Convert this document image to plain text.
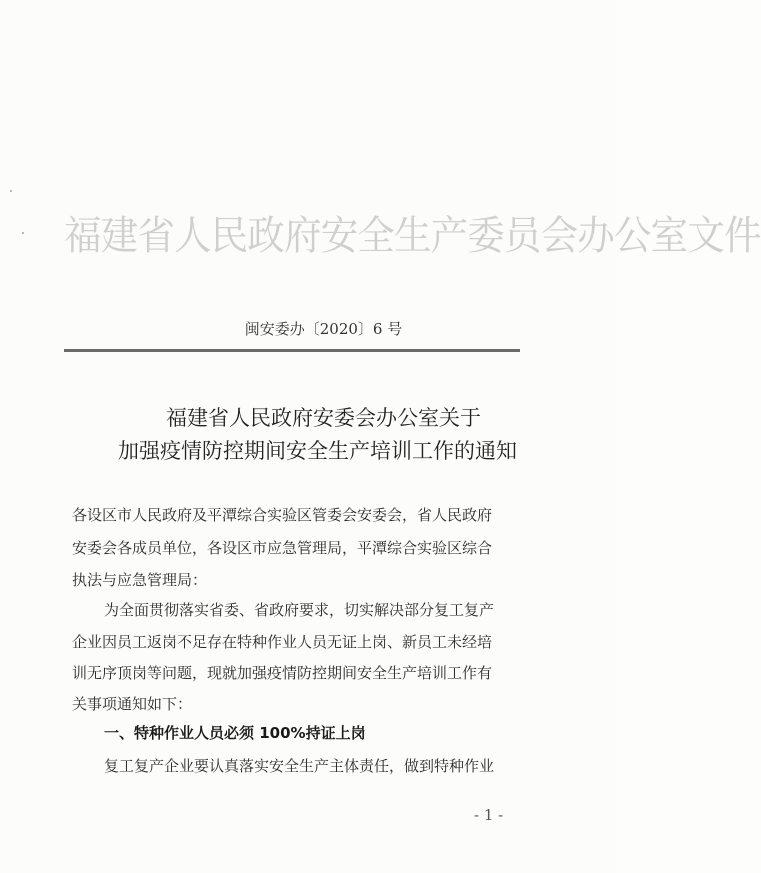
福建省人民政府安全生产委员会办公室文件
闽安委办〔2020〕6 号
福建省人民政府安委会办公室关于
加强疫情防控期间安全生产培训工作的通知
各设区市人民政府及平潭综合实验区管委会安委会，省人民政府
安委会各成员单位，各设区市应急管理局，平潭综合实验区综合
执法与应急管理局：
为全面贯彻落实省委、省政府要求，切实解决部分复工复产
企业因员工返岗不足存在特种作业人员无证上岗、新员工未经培
训无序顶岗等问题，现就加强疫情防控期间安全生产培训工作有
关事项通知如下：
一、特种作业人员必须 100%持证上岗
复工复产企业要认真落实安全生产主体责任，做到特种作业
- 1 -
